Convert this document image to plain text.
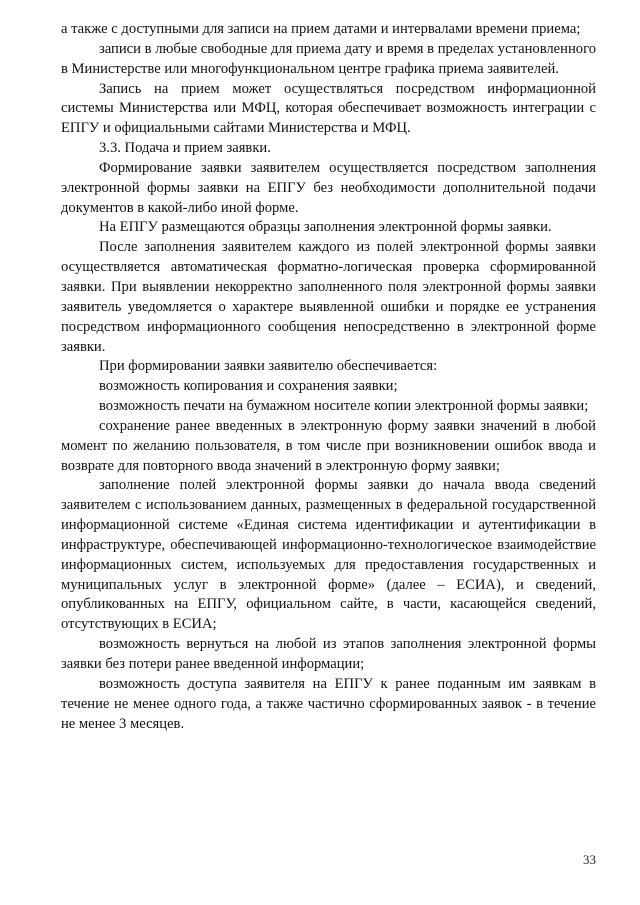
а также с доступными для записи на прием датами и интервалами времени приема;

записи в любые свободные для приема дату и время в пределах установленного в Министерстве или многофункциональном центре графика приема заявителей.

Запись на прием может осуществляться посредством информационной системы Министерства или МФЦ, которая обеспечивает возможность интеграции с ЕПГУ и официальными сайтами Министерства и МФЦ.

3.3. Подача и прием заявки.

Формирование заявки заявителем осуществляется посредством заполнения электронной формы заявки на ЕПГУ без необходимости дополнительной подачи документов в какой-либо иной форме.

На ЕПГУ размещаются образцы заполнения электронной формы заявки.

После заполнения заявителем каждого из полей электронной формы заявки осуществляется автоматическая форматно-логическая проверка сформированной заявки. При выявлении некорректно заполненного поля электронной формы заявки заявитель уведомляется о характере выявленной ошибки и порядке ее устранения посредством информационного сообщения непосредственно в электронной форме заявки.

При формировании заявки заявителю обеспечивается:

возможность копирования и сохранения заявки;

возможность печати на бумажном носителе копии электронной формы заявки;

сохранение ранее введенных в электронную форму заявки значений в любой момент по желанию пользователя, в том числе при возникновении ошибок ввода и возврате для повторного ввода значений в электронную форму заявки;

заполнение полей электронной формы заявки до начала ввода сведений заявителем с использованием данных, размещенных в федеральной государственной информационной системе «Единая система идентификации и аутентификации в инфраструктуре, обеспечивающей информационно-технологическое взаимодействие информационных систем, используемых для предоставления государственных и муниципальных услуг в электронной форме» (далее – ЕСИА), и сведений, опубликованных на ЕПГУ, официальном сайте, в части, касающейся сведений, отсутствующих в ЕСИА;

возможность вернуться на любой из этапов заполнения электронной формы заявки без потери ранее введенной информации;

возможность доступа заявителя на ЕПГУ к ранее поданным им заявкам в течение не менее одного года, а также частично сформированных заявок - в течение не менее 3 месяцев.

33
